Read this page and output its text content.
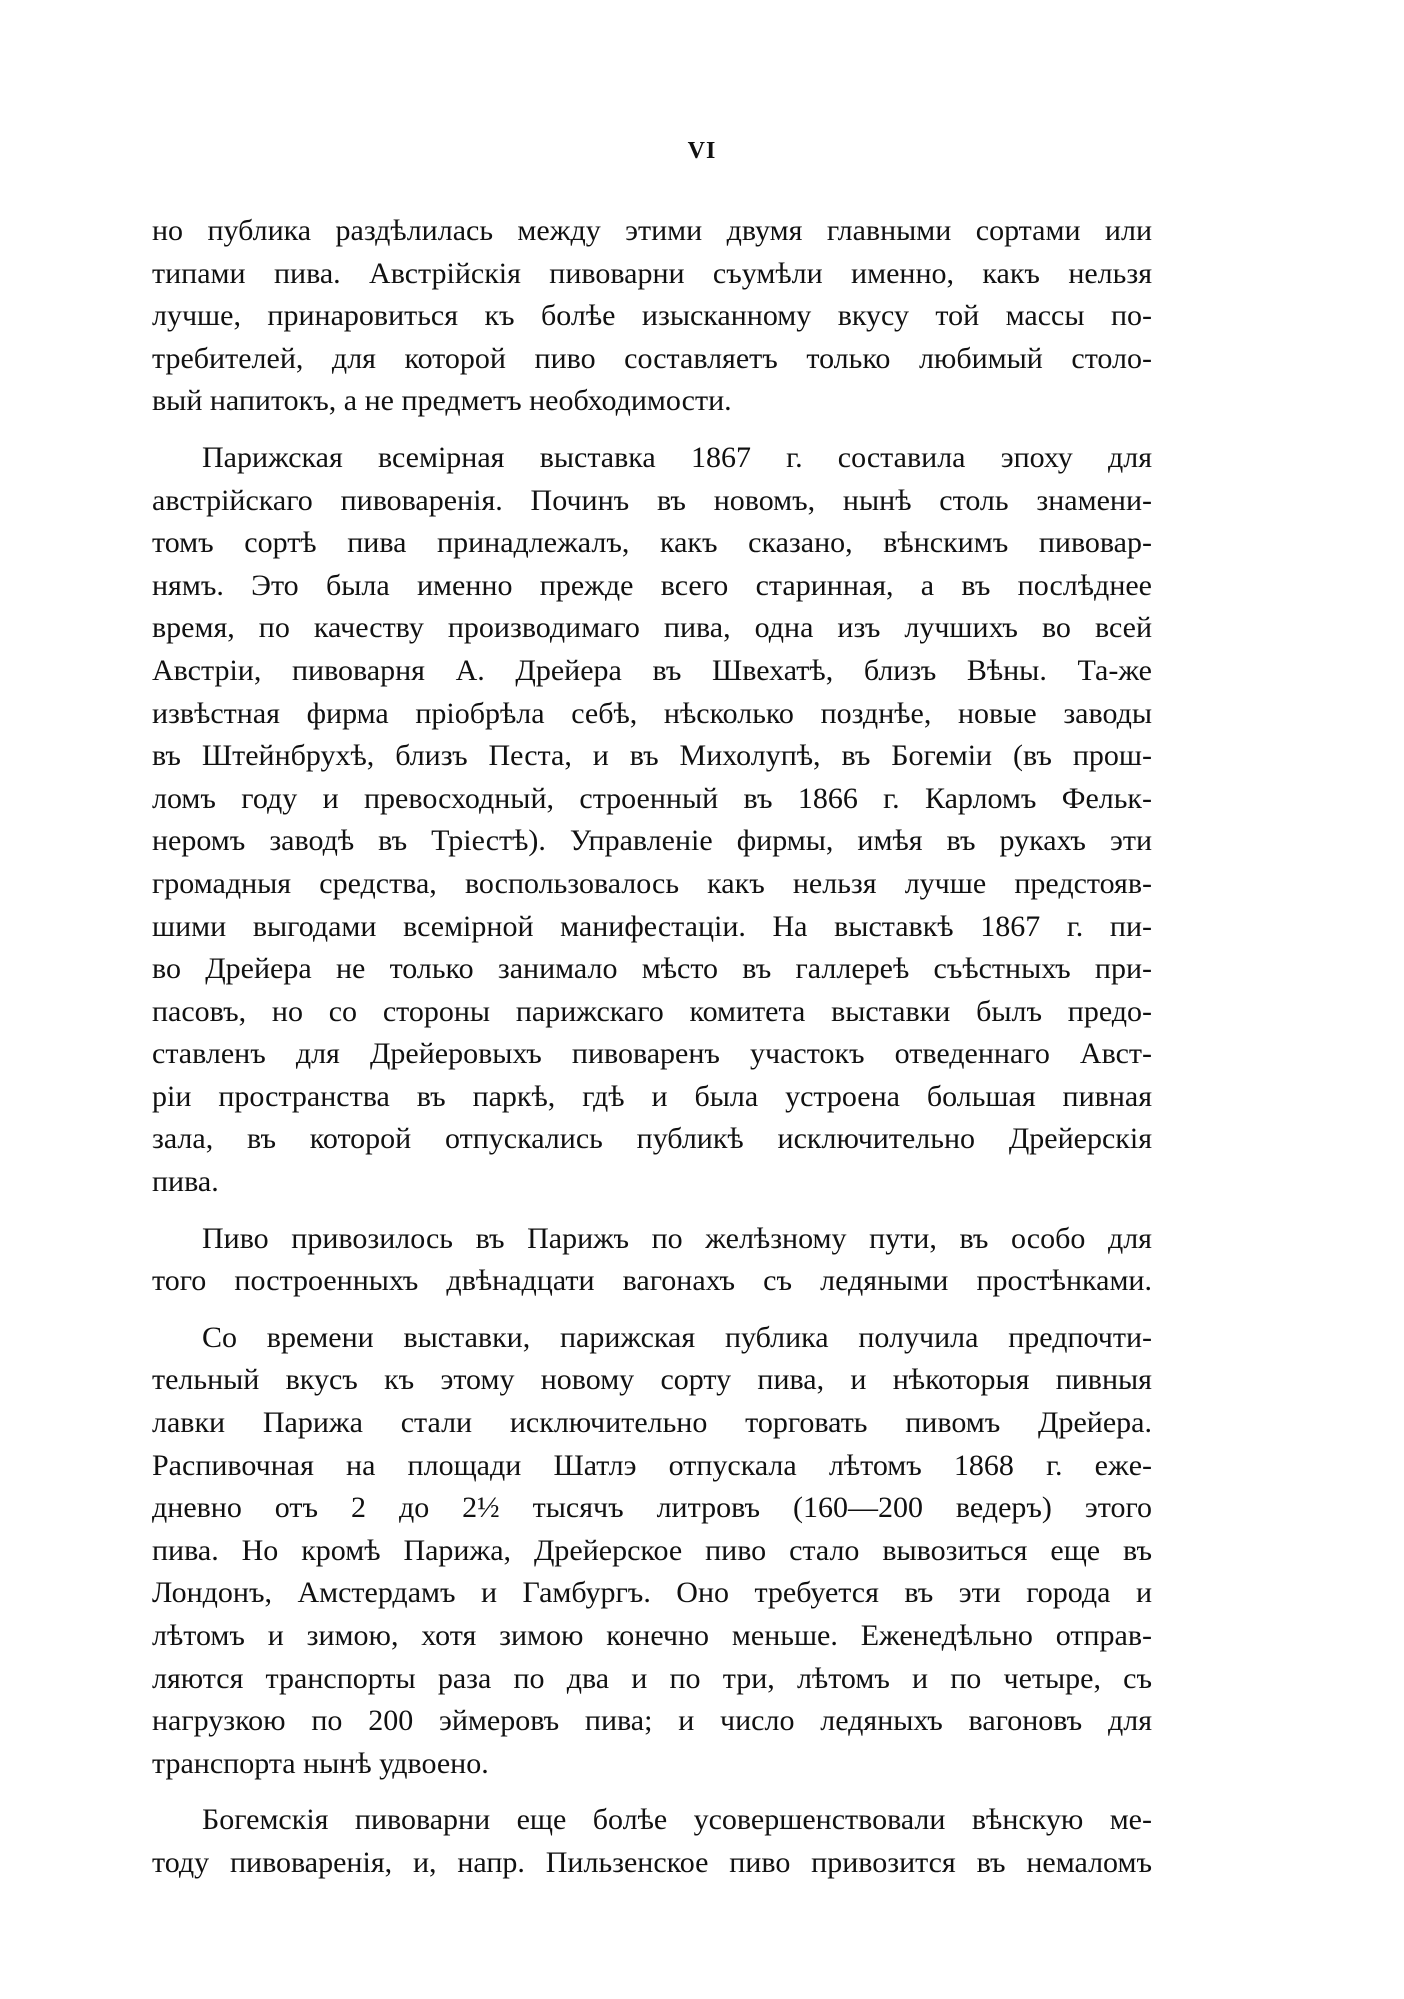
VI
но публика раздѣлилась между этими двумя главными сортами или
типами пива. Австрійскія пивоварни съумѣли именно, какъ нельзя
лучше, принаровиться къ болѣе изысканному вкусу той массы по-
требителей, для которой пиво составляетъ только любимый столо-
вый напитокъ, а не предметъ необходимости.
Парижская всемірная выставка 1867 г. составила эпоху для
австрійскаго пивоваренія. Починъ въ новомъ, нынѣ столь знамени-
томъ сортѣ пива принадлежалъ, какъ сказано, вѣнскимъ пивовар-
нямъ. Это была именно прежде всего старинная, а въ послѣднее
время, по качеству производимаго пива, одна изъ лучшихъ во всей
Австріи, пивоварня А. Дрейера въ Швехатѣ, близъ Вѣны. Та-же
извѣстная фирма пріобрѣла себѣ, нѣсколько позднѣе, новые заводы
въ Штейнбрухѣ, близъ Песта, и въ Михолупѣ, въ Богеміи (въ прош-
ломъ году и превосходный, строенный въ 1866 г. Карломъ Фельк-
неромъ заводѣ въ Тріестѣ). Управленіе фирмы, имѣя въ рукахъ эти
громадныя средства, воспользовалось какъ нельзя лучше предстояв-
шими выгодами всемірной манифестаціи. На выставкѣ 1867 г. пи-
во Дрейера не только занимало мѣсто въ галлереѣ съѣстныхъ при-
пасовъ, но со стороны парижскаго комитета выставки былъ предо-
ставленъ для Дрейеровыхъ пивоваренъ участокъ отведеннаго Авст-
ріи пространства въ паркѣ, гдѣ и была устроена большая пивная
зала, въ которой отпускались публикѣ исключительно Дрейерскія
пива.
Пиво привозилось въ Парижъ по желѣзному пути, въ особо для
того построенныхъ двѣнадцати вагонахъ съ ледяными простѣнками.
Со времени выставки, парижская публика получила предпочти-
тельный вкусъ къ этому новому сорту пива, и нѣкоторыя пивныя
лавки Парижа стали исключительно торговать пивомъ Дрейера.
Распивочная на площади Шатлэ отпускала лѣтомъ 1868 г. ежe-
дневно отъ 2 до 2½ тысячъ литровъ (160—200 ведеръ) этого
пива. Но кромѣ Парижа, Дрейерское пиво стало вывозиться еще въ
Лондонъ, Амстердамъ и Гамбургъ. Оно требуется въ эти города и
лѣтомъ и зимою, хотя зимою конечно меньше. Еженедѣльно отправ-
ляются транспорты раза по два и по три, лѣтомъ и по четыре, съ
нагрузкою по 200 эймеровъ пива; и число ледяныхъ вагоновъ для
транспорта нынѣ удвоено.
Богемскія пивоварни еще болѣе усовершенствовали вѣнскую ме-
тоду пивоваренія, и, напр. Пильзенское пиво привозится въ немаломъ
